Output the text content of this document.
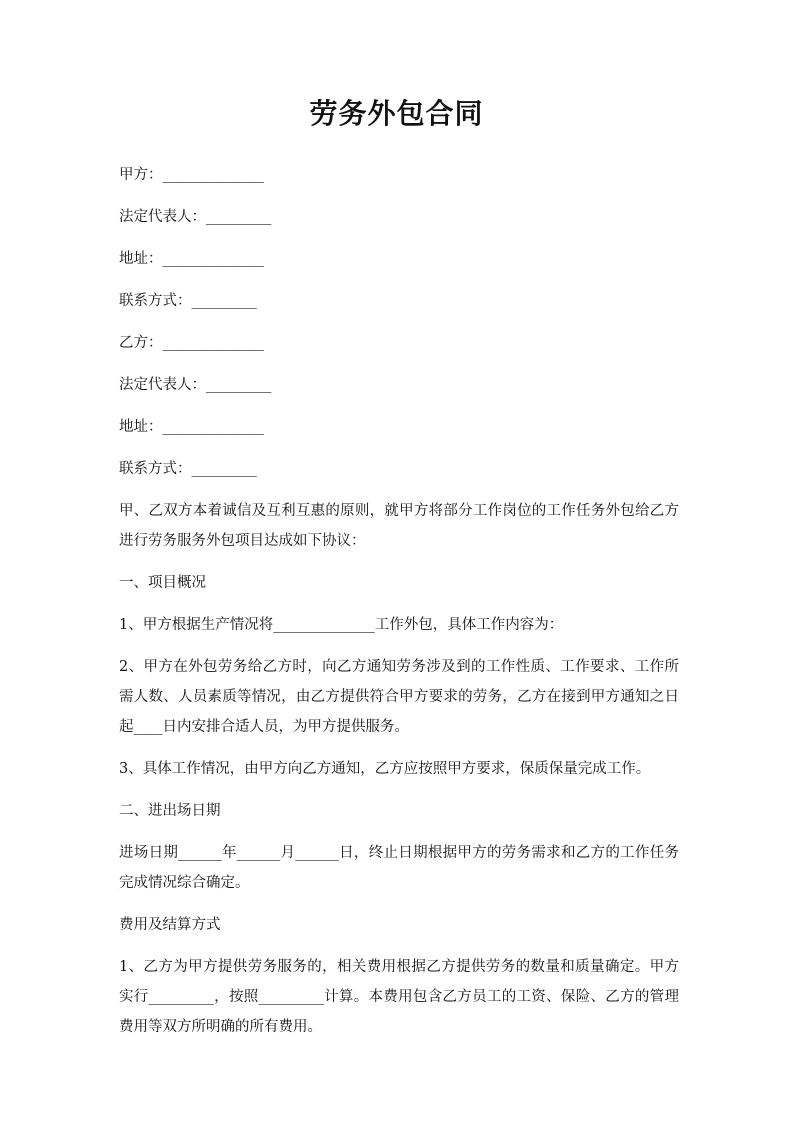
劳务外包合同

甲方：______________

法定代表人：_________

地址：______________

联系方式：_________

乙方：______________

法定代表人：_________

地址：______________

联系方式：_________

甲、乙双方本着诚信及互利互惠的原则，就甲方将部分工作岗位的工作任务外包给乙方进行劳务服务外包项目达成如下协议：

一、项目概况

1、甲方根据生产情况将______________工作外包，具体工作内容为：

2、甲方在外包劳务给乙方时，向乙方通知劳务涉及到的工作性质、工作要求、工作所需人数、人员素质等情况，由乙方提供符合甲方要求的劳务，乙方在接到甲方通知之日起____日内安排合适人员，为甲方提供服务。

3、具体工作情况，由甲方向乙方通知，乙方应按照甲方要求，保质保量完成工作。

二、进出场日期

进场日期______年______月______日，终止日期根据甲方的劳务需求和乙方的工作任务完成情况综合确定。

费用及结算方式

1、乙方为甲方提供劳务服务的，相关费用根据乙方提供劳务的数量和质量确定。甲方实行_________，按照_________计算。本费用包含乙方员工的工资、保险、乙方的管理费用等双方所明确的所有费用。
